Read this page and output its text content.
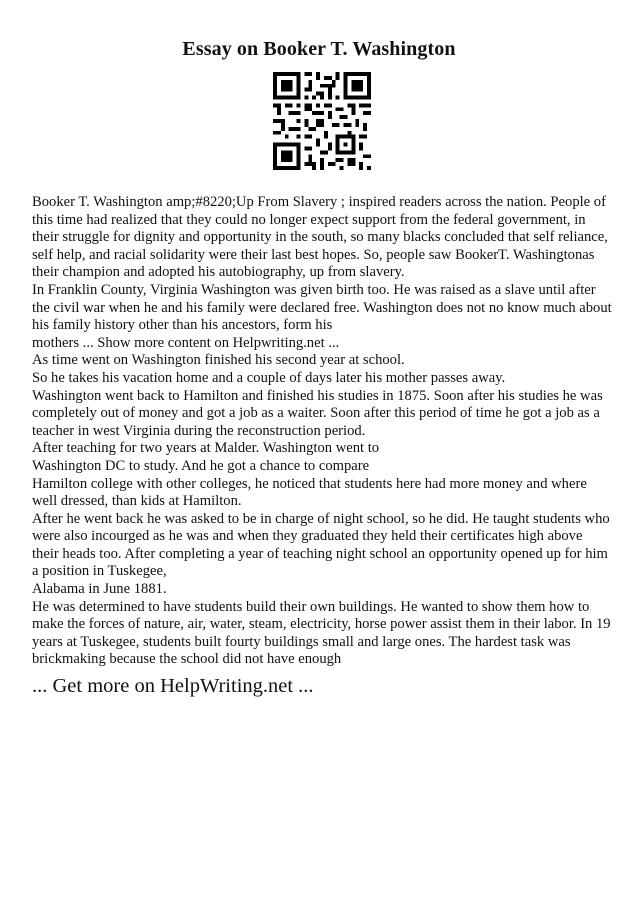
Essay on Booker T. Washington

Booker T. Washington amp;#8220;Up From Slavery ; inspired readers across the nation. People of this time had realized that they could no longer expect support from the federal government, in their struggle for dignity and opportunity in the south, so many blacks concluded that self reliance, self help, and racial solidarity were their last best hopes. So, people saw BookerT. Washingtonas their champion and adopted his autobiography, up from slavery.

In Franklin County, Virginia Washington was given birth too. He was raised as a slave until after the civil war when he and his family were declared free. Washington does not no know much about his family history other than his ancestors, form his

mothers ... Show more content on Helpwriting.net ...

As time went on Washington finished his second year at school.

So he takes his vacation home and a couple of days later his mother passes away.

Washington went back to Hamilton and finished his studies in 1875. Soon after his studies he was completely out of money and got a job as a waiter. Soon after this period of time he got a job as a teacher in west Virginia during the reconstruction period.

After teaching for two years at Malder. Washington went to

Washington DC to study. And he got a chance to compare

Hamilton college with other colleges, he noticed that students here had more money and where well dressed, than kids at Hamilton.

After he went back he was asked to be in charge of night school, so he did. He taught students who were also incourged as he was and when they graduated they held their certificates high above their heads too. After completing a year of teaching night school an opportunity opened up for him a position in Tuskegee,

Alabama in June 1881.

He was determined to have students build their own buildings. He wanted to show them how to make the forces of nature, air, water, steam, electricity, horse power assist them in their labor. In 19 years at Tuskegee, students built fourty buildings small and large ones. The hardest task was brickmaking because the school did not have enough

... Get more on HelpWriting.net ...
